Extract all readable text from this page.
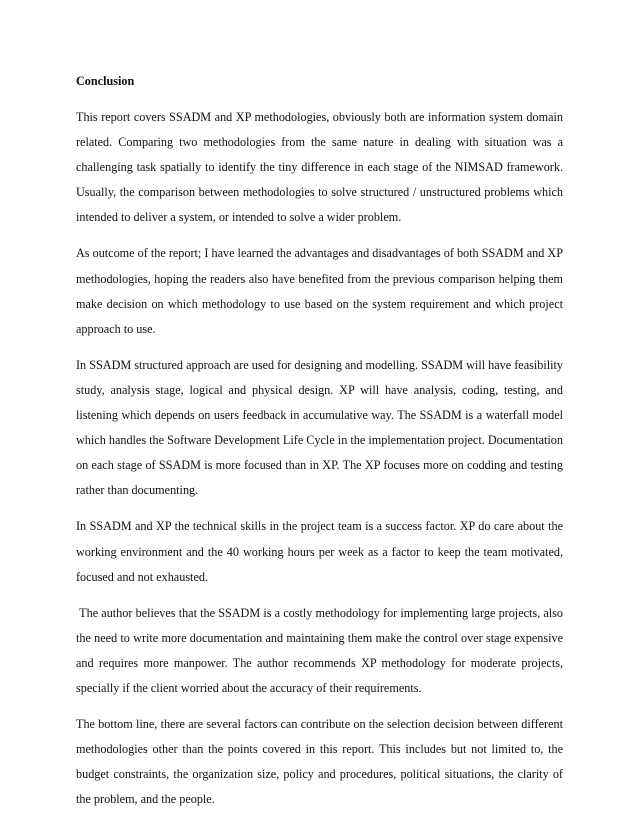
Conclusion

This report covers SSADM and XP methodologies, obviously both are information system domain related. Comparing two methodologies from the same nature in dealing with situation was a challenging task spatially to identify the tiny difference in each stage of the NIMSAD framework. Usually, the comparison between methodologies to solve structured / unstructured problems which intended to deliver a system, or intended to solve a wider problem.

As outcome of the report; I have learned the advantages and disadvantages of both SSADM and XP methodologies, hoping the readers also have benefited from the previous comparison helping them make decision on which methodology to use based on the system requirement and which project approach to use.

In SSADM structured approach are used for designing and modelling. SSADM will have feasibility study, analysis stage, logical and physical design. XP will have analysis, coding, testing, and listening which depends on users feedback in accumulative way. The SSADM is a waterfall model which handles the Software Development Life Cycle in the implementation project. Documentation on each stage of SSADM is more focused than in XP. The XP focuses more on codding and testing rather than documenting.

In SSADM and XP the technical skills in the project team is a success factor. XP do care about the working environment and the 40 working hours per week as a factor to keep the team motivated, focused and not exhausted.

The author believes that the SSADM is a costly methodology for implementing large projects, also the need to write more documentation and maintaining them make the control over stage expensive and requires more manpower. The author recommends XP methodology for moderate projects, specially if the client worried about the accuracy of their requirements.

The bottom line, there are several factors can contribute on the selection decision between different methodologies other than the points covered in this report. This includes but not limited to, the budget constraints, the organization size, policy and procedures, political situations, the clarity of the problem, and the people.
